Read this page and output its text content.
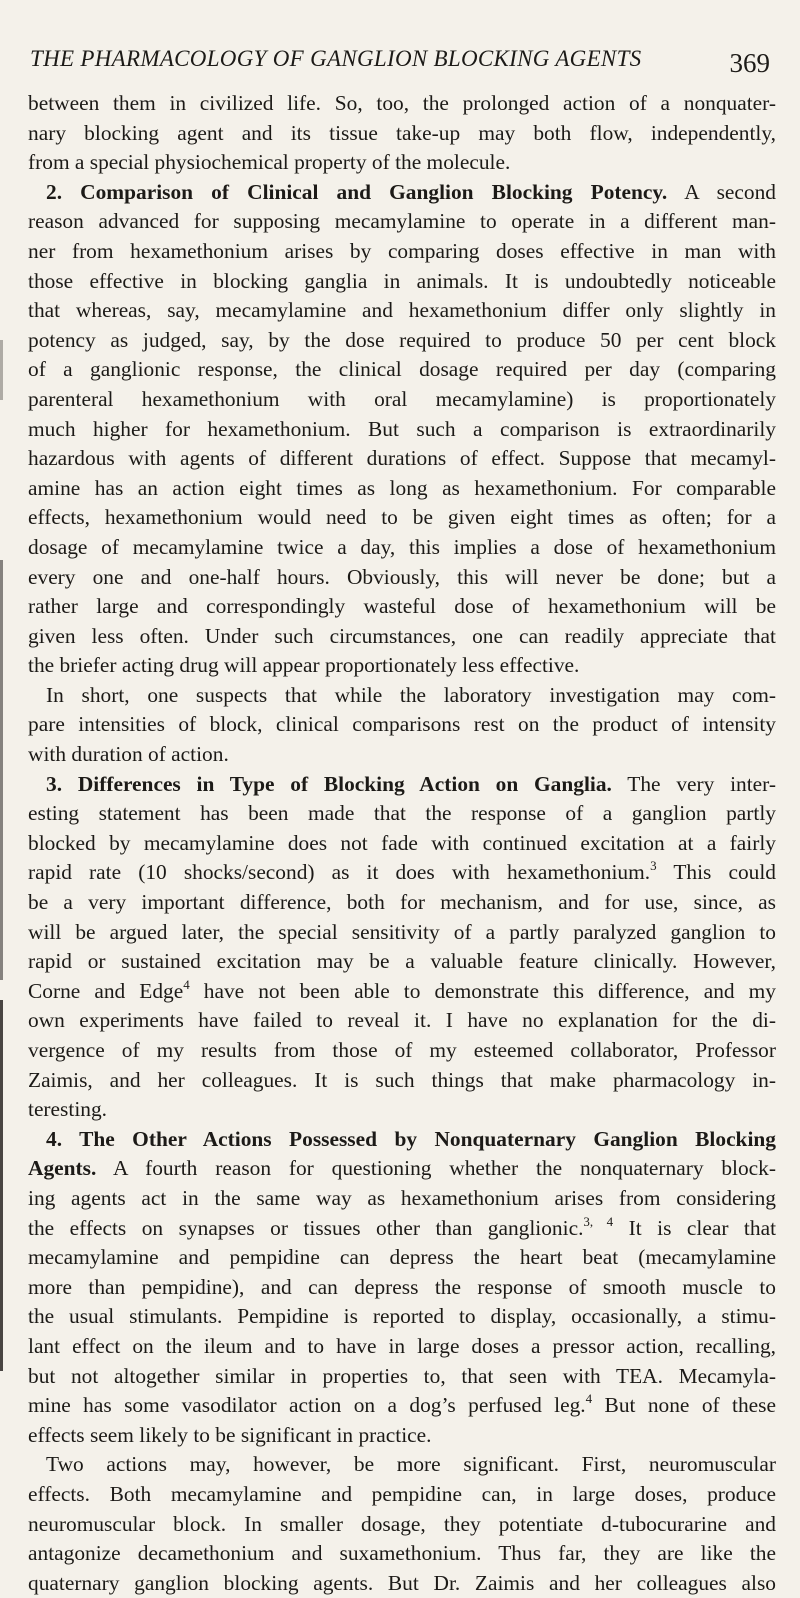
THE PHARMACOLOGY OF GANGLION BLOCKING AGENTS	369
between them in civilized life. So, too, the prolonged action of a nonquater-
nary blocking agent and its tissue take-up may both flow, independently,
from a special physiochemical property of the molecule.
2. Comparison of Clinical and Ganglion Blocking Potency. A second
reason advanced for supposing mecamylamine to operate in a different man-
ner from hexamethonium arises by comparing doses effective in man with
those effective in blocking ganglia in animals. It is undoubtedly noticeable
that whereas, say, mecamylamine and hexamethonium differ only slightly in
potency as judged, say, by the dose required to produce 50 per cent block
of a ganglionic response, the clinical dosage required per day (comparing
parenteral hexamethonium with oral mecamylamine) is proportionately
much higher for hexamethonium. But such a comparison is extraordinarily
hazardous with agents of different durations of effect. Suppose that mecamyl-
amine has an action eight times as long as hexamethonium. For comparable
effects, hexamethonium would need to be given eight times as often; for a
dosage of mecamylamine twice a day, this implies a dose of hexamethonium
every one and one-half hours. Obviously, this will never be done; but a
rather large and correspondingly wasteful dose of hexamethonium will be
given less often. Under such circumstances, one can readily appreciate that
the briefer acting drug will appear proportionately less effective.
In short, one suspects that while the laboratory investigation may com-
pare intensities of block, clinical comparisons rest on the product of intensity
with duration of action.
3. Differences in Type of Blocking Action on Ganglia. The very inter-
esting statement has been made that the response of a ganglion partly
blocked by mecamylamine does not fade with continued excitation at a fairly
rapid rate (10 shocks/second) as it does with hexamethonium.$^3$ This could
be a very important difference, both for mechanism, and for use, since, as
will be argued later, the special sensitivity of a partly paralyzed ganglion to
rapid or sustained excitation may be a valuable feature clinically. However,
Corne and Edge$^4$ have not been able to demonstrate this difference, and my
own experiments have failed to reveal it. I have no explanation for the di-
vergence of my results from those of my esteemed collaborator, Professor
Zaimis, and her colleagues. It is such things that make pharmacology in-
teresting.
4. The Other Actions Possessed by Nonquaternary Ganglion Blocking
Agents. A fourth reason for questioning whether the nonquaternary block-
ing agents act in the same way as hexamethonium arises from considering
the effects on synapses or tissues other than ganglionic.$^{3, 4}$ It is clear that
mecamylamine and pempidine can depress the heart beat (mecamylamine
more than pempidine), and can depress the response of smooth muscle to
the usual stimulants. Pempidine is reported to display, occasionally, a stimu-
lant effect on the ileum and to have in large doses a pressor action, recalling,
but not altogether similar in properties to, that seen with TEA. Mecamyla-
mine has some vasodilator action on a dog’s perfused leg.$^4$ But none of these
effects seem likely to be significant in practice.
Two actions may, however, be more significant. First, neuromuscular
effects. Both mecamylamine and pempidine can, in large doses, produce
neuromuscular block. In smaller dosage, they potentiate d-tubocurarine and
antagonize decamethonium and suxamethonium. Thus far, they are like the
quaternary ganglion blocking agents. But Dr. Zaimis and her colleagues also
